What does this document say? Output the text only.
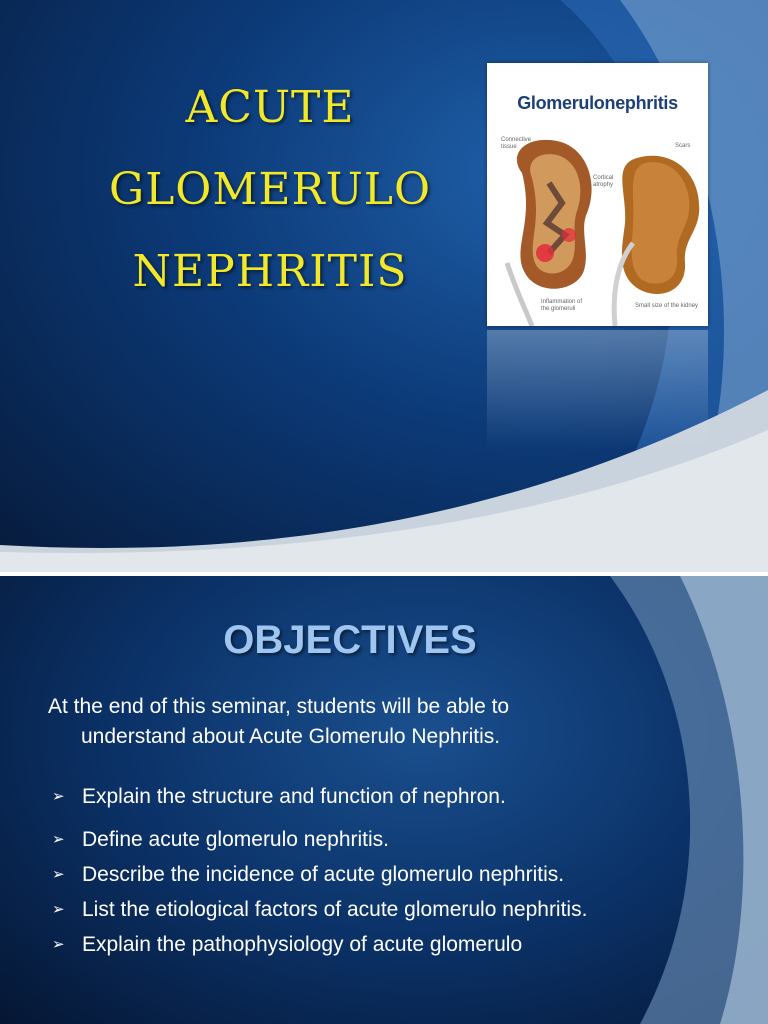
ACUTE
GLOMERULO
NEPHRITIS
Glomerulonephritis
Connective tissue
Cortical atrophy
Scars
Inflammation of the glomeruli	Small size of the kidney
OBJECTIVES
At the end of this seminar, students will be able to
understand about Acute Glomerulo Nephritis.
➢ Explain the structure and function of nephron.
➢ Define acute glomerulo nephritis.
➢ Describe the incidence of acute glomerulo nephritis.
➢ List the etiological factors of acute glomerulo nephritis.
➢ Explain the pathophysiology of acute glomerulo
